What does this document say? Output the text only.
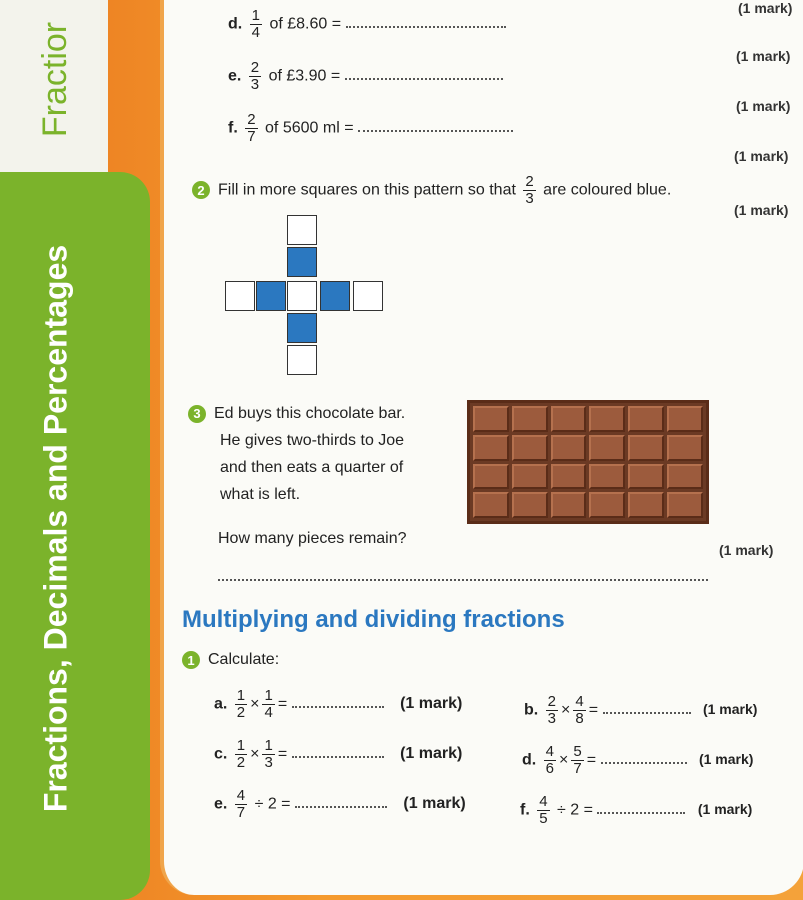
Fractior
Fractions, Decimals and Percentages
(1 mark)
d. $\frac{1}{4}$ of £8.60 =
(1 mark)
e. $\frac{2}{3}$ of £3.90 =
(1 mark)
f. $\frac{2}{7}$ of 5600 ml =
(1 mark)
2 Fill in more squares on this pattern so that $\frac{2}{3}$ are coloured blue.
(1 mark)
3 Ed buys this chocolate bar.
He gives two-thirds to Joe
and then eats a quarter of
what is left.
How many pieces remain?
(1 mark)
Multiplying and dividing fractions
1 Calculate:
a. $\frac{1}{2} \times \frac{1}{4}$ =	(1 mark)	b. $\frac{2}{3} \times \frac{4}{8}$ =	(1 mark)
c. $\frac{1}{2} \times \frac{1}{3}$ =	(1 mark)	d. $\frac{4}{6} \times \frac{5}{7}$ =	(1 mark)
e. $\frac{4}{7} \div 2$ =	(1 mark)	f. $\frac{4}{5} \div 2$ =	(1 mark)
